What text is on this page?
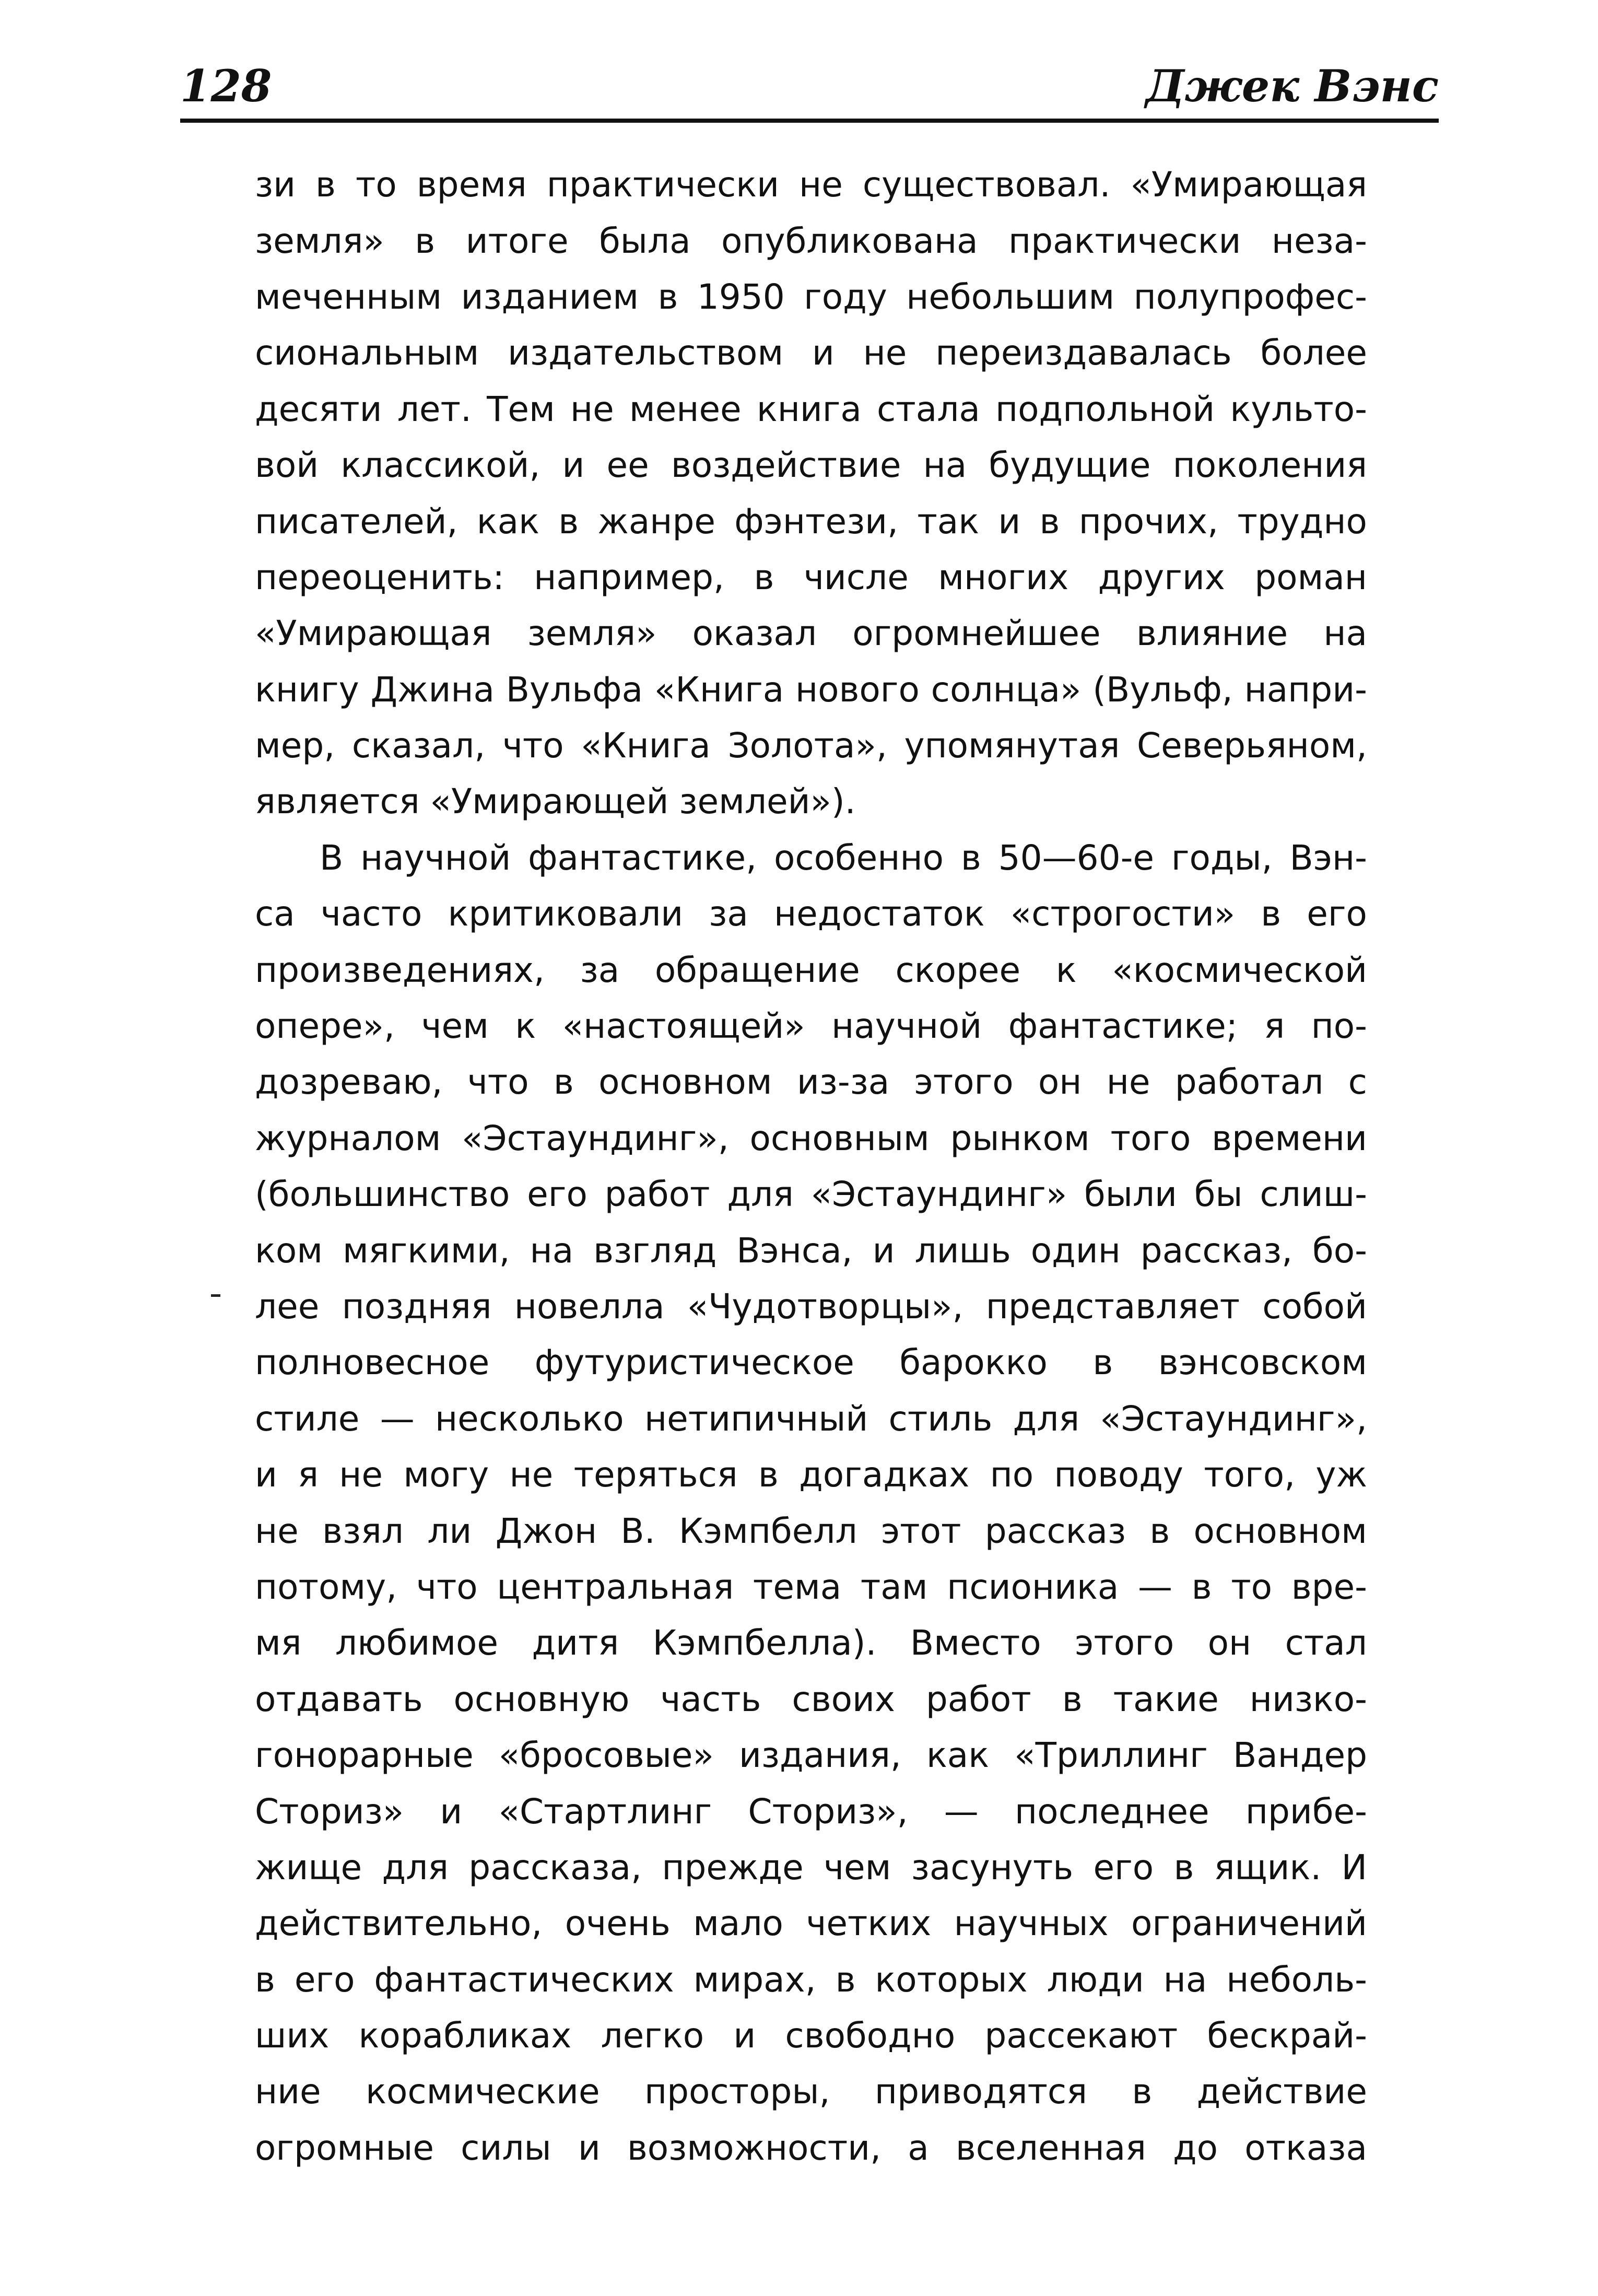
128	Джек Вэнс
зи в то время практически не существовал. «Умирающая
земля» в итоге была опубликована практически неза-
меченным изданием в 1950 году небольшим полупрофес-
сиональным издательством и не переиздавалась более
десяти лет. Тем не менее книга стала подпольной культо-
вой классикой, и ее воздействие на будущие поколения
писателей, как в жанре фэнтези, так и в прочих, трудно
переоценить: например, в числе многих других роман
«Умирающая земля» оказал огромнейшее влияние на
книгу Джина Вульфа «Книга нового солнца» (Вульф, напри-
мер, сказал, что «Книга Золота», упомянутая Северьяном,
является «Умирающей землей»).
В научной фантастике, особенно в 50—60-е годы, Вэн-
са часто критиковали за недостаток «строгости» в его
произведениях, за обращение скорее к «космической
опере», чем к «настоящей» научной фантастике; я по-
дозреваю, что в основном из-за этого он не работал с
журналом «Эстаундинг», основным рынком того времени
(большинство его работ для «Эстаундинг» были бы слиш-
ком мягкими, на взгляд Вэнса, и лишь один рассказ, бо-
лее поздняя новелла «Чудотворцы», представляет собой
полновесное футуристическое барокко в вэнсовском
стиле — несколько нетипичный стиль для «Эстаундинг»,
и я не могу не теряться в догадках по поводу того, уж
не взял ли Джон В. Кэмпбелл этот рассказ в основном
потому, что центральная тема там псионика — в то вре-
мя любимое дитя Кэмпбелла). Вместо этого он стал
отдавать основную часть своих работ в такие низко-
гонорарные «бросовые» издания, как «Триллинг Вандер
Сториз» и «Стартлинг Сториз», — последнее прибе-
жище для рассказа, прежде чем засунуть его в ящик. И
действительно, очень мало четких научных ограничений
в его фантастических мирах, в которых люди на неболь-
ших корабликах легко и свободно рассекают бескрай-
ние космические просторы, приводятся в действие
огромные силы и возможности, а вселенная до отказа
